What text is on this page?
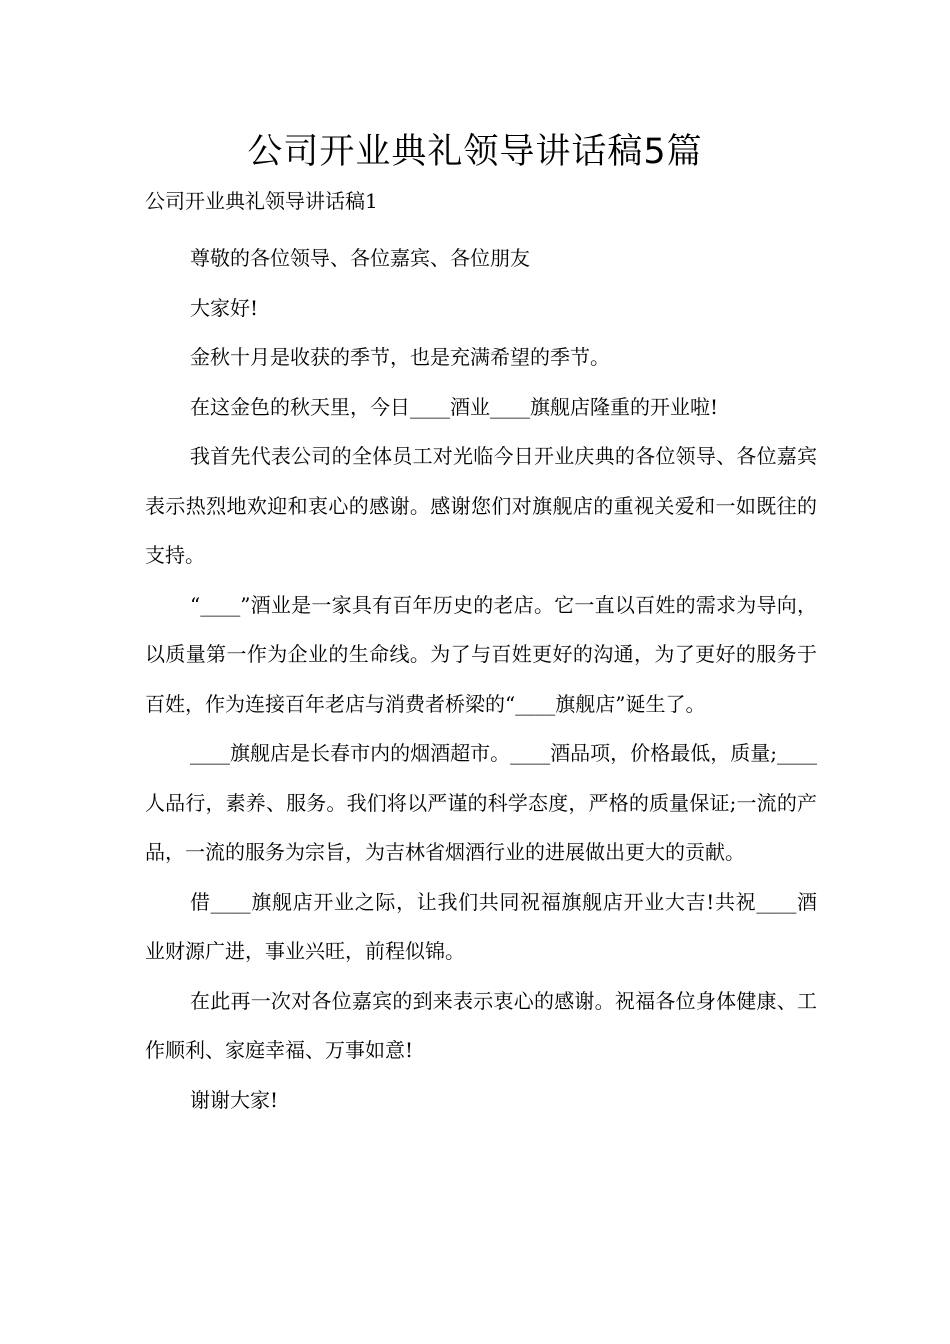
公司开业典礼领导讲话稿5篇

公司开业典礼领导讲话稿1

尊敬的各位领导、各位嘉宾、各位朋友

大家好!

金秋十月是收获的季节，也是充满希望的季节。

在这金色的秋天里，今日____酒业____旗舰店隆重的开业啦!

我首先代表公司的全体员工对光临今日开业庆典的各位领导、各位嘉宾表示热烈地欢迎和衷心的感谢。感谢您们对旗舰店的重视关爱和一如既往的支持。

“____”酒业是一家具有百年历史的老店。它一直以百姓的需求为导向，以质量第一作为企业的生命线。为了与百姓更好的沟通，为了更好的服务于百姓，作为连接百年老店与消费者桥梁的“____旗舰店”诞生了。

____旗舰店是长春市内的烟酒超市。____酒品项，价格最低，质量;____人品行，素养、服务。我们将以严谨的科学态度，严格的质量保证;一流的产品，一流的服务为宗旨，为吉林省烟酒行业的进展做出更大的贡献。

借____旗舰店开业之际，让我们共同祝福旗舰店开业大吉!共祝____酒业财源广进，事业兴旺，前程似锦。

在此再一次对各位嘉宾的到来表示衷心的感谢。祝福各位身体健康、工作顺利、家庭幸福、万事如意!

谢谢大家!
